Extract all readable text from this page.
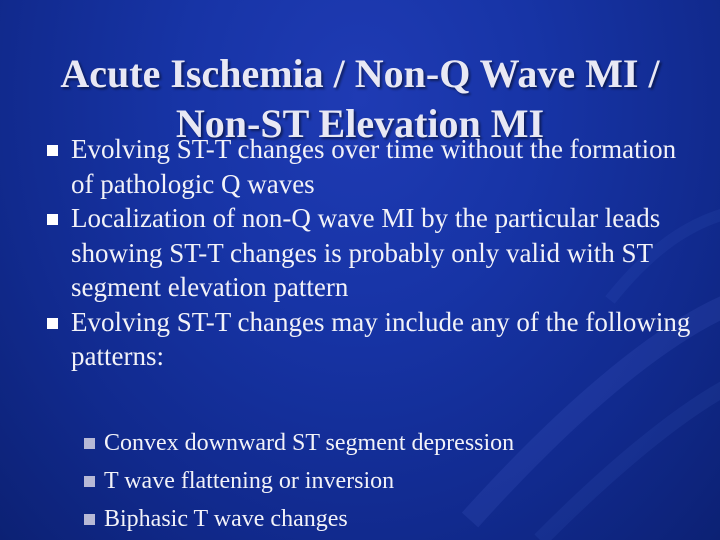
Acute Ischemia / Non-Q Wave MI /
Non-ST Elevation MI
Evolving ST-T changes over time without the formation of pathologic Q waves
Localization of non-Q wave MI by the particular leads showing ST-T changes is probably only valid with ST segment elevation pattern
Evolving ST-T changes may include any of the following patterns:
Convex downward ST segment depression
T wave flattening or inversion
Biphasic T wave changes
